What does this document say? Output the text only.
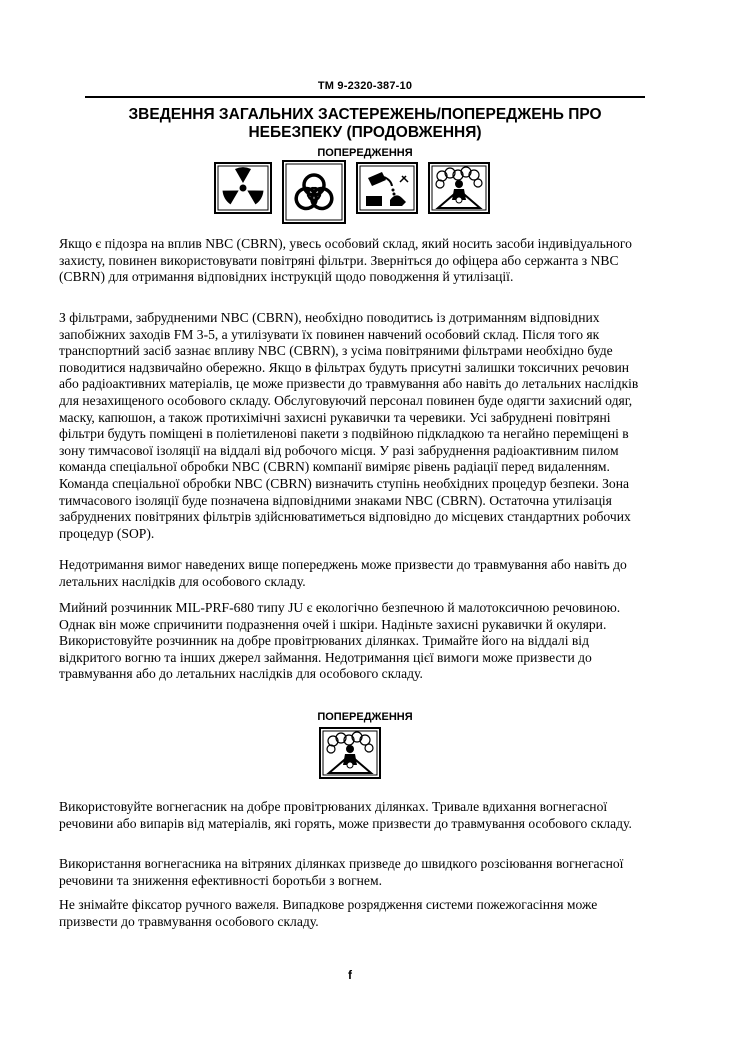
TM 9-2320-387-10
ЗВЕДЕННЯ ЗАГАЛЬНИХ ЗАСТЕРЕЖЕНЬ/ПОПЕРЕДЖЕНЬ ПРО НЕБЕЗПЕКУ (ПРОДОВЖЕННЯ)
ПОПЕРЕДЖЕННЯ

Якщо є підозра на вплив NBC (CBRN), увесь особовий склад, який носить засоби індивідуального захисту, повинен використовувати повітряні фільтри. Зверніться до офіцера або сержанта з NBC (CBRN) для отримання відповідних інструкцій щодо поводження й утилізації.

З фільтрами, забрудненими NBC (CBRN), необхідно поводитись із дотриманням відповідних запобіжних заходів FM 3-5, а утилізувати їх повинен навчений особовий склад. Після того як транспортний засіб зазнає впливу NBC (CBRN), з усіма повітряними фільтрами необхідно буде поводитися надзвичайно обережно. Якщо в фільтрах будуть присутні залишки токсичних речовин або радіоактивних матеріалів, це може призвести до травмування або навіть до летальних наслідків для незахищеного особового складу. Обслуговуючий персонал повинен буде одягти захисний одяг, маску, капюшон, а також протихімічні захисні рукавички та черевики. Усі забруднені повітряні фільтри будуть поміщені в поліетиленові пакети з подвійною підкладкою та негайно переміщені в зону тимчасової ізоляції на віддалі від робочого місця. У разі забруднення радіоактивним пилом команда спеціальної обробки NBC (CBRN) компанії виміряє рівень радіації перед видаленням. Команда спеціальної обробки NBC (CBRN) визначить ступінь необхідних процедур безпеки. Зона тимчасового ізоляції буде позначена відповідними знаками NBC (CBRN). Остаточна утилізація забруднених повітряних фільтрів здійснюватиметься відповідно до місцевих стандартних робочих процедур (SOP).

Недотримання вимог наведених вище попереджень може призвести до травмування або навіть до летальних наслідків для особового складу.

Мийний розчинник MIL-PRF-680 типу JU є екологічно безпечною й малотоксичною речовиною. Однак він може спричинити подразнення очей і шкіри. Надіньте захисні рукавички й окуляри. Використовуйте розчинник на добре провітрюваних ділянках. Тримайте його на віддалі від відкритого вогню та інших джерел займання. Недотримання цієї вимоги може призвести до травмування або до летальних наслідків для особового складу.

ПОПЕРЕДЖЕННЯ

Використовуйте вогнегасник на добре провітрюваних ділянках. Тривале вдихання вогнегасної речовини або випарів від матеріалів, які горять, може призвести до травмування особового складу.

Використання вогнегасника на вітряних ділянках призведе до швидкого розсіювання вогнегасної речовини та зниження ефективності боротьби з вогнем.

Не знімайте фіксатор ручного важеля. Випадкове розрядження системи пожежогасіння може призвести до травмування особового складу.

f
